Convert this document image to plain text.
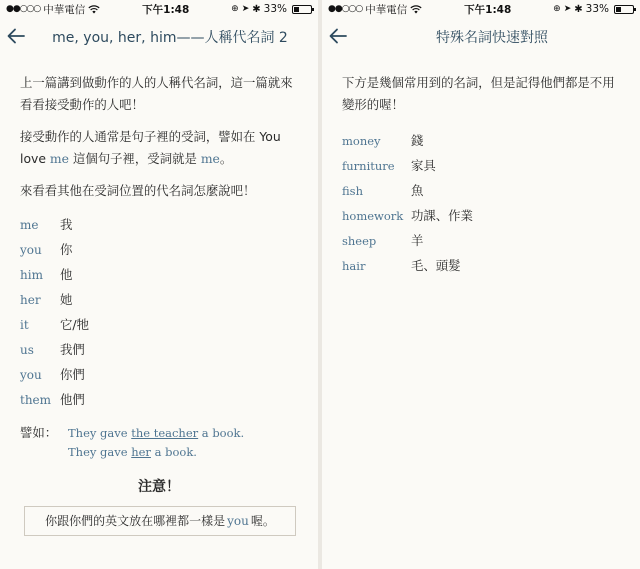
●●○○○ 中華電信	下午1:48	⊕ ➤ ✱ 33%
me, you, her, him——人稱代名詞 2

上一篇講到做動作的人的人稱代名詞，這一篇就來看看接受動作的人吧！

接受動作的人通常是句子裡的受詞，譬如在 You love me 這個句子裡，受詞就是 me。

來看看其他在受詞位置的代名詞怎麼說吧！

me	我
you	你
him	他
her	她
it	它/牠
us	我們
you	你們
them 他們
譬如： They gave the teacher a book.
They gave her a book.
注意！
你跟你們的英文放在哪裡都一樣是 you 喔。
●●○○○ 中華電信	下午1:48	⊕ ➤ ✱ 33%
特殊名詞快速對照

下方是幾個常用到的名詞，但是記得他們都是不用變形的喔！

money	錢
furniture	家具
fish	魚
homework 功課、作業
sheep	羊
hair	毛、頭髮
